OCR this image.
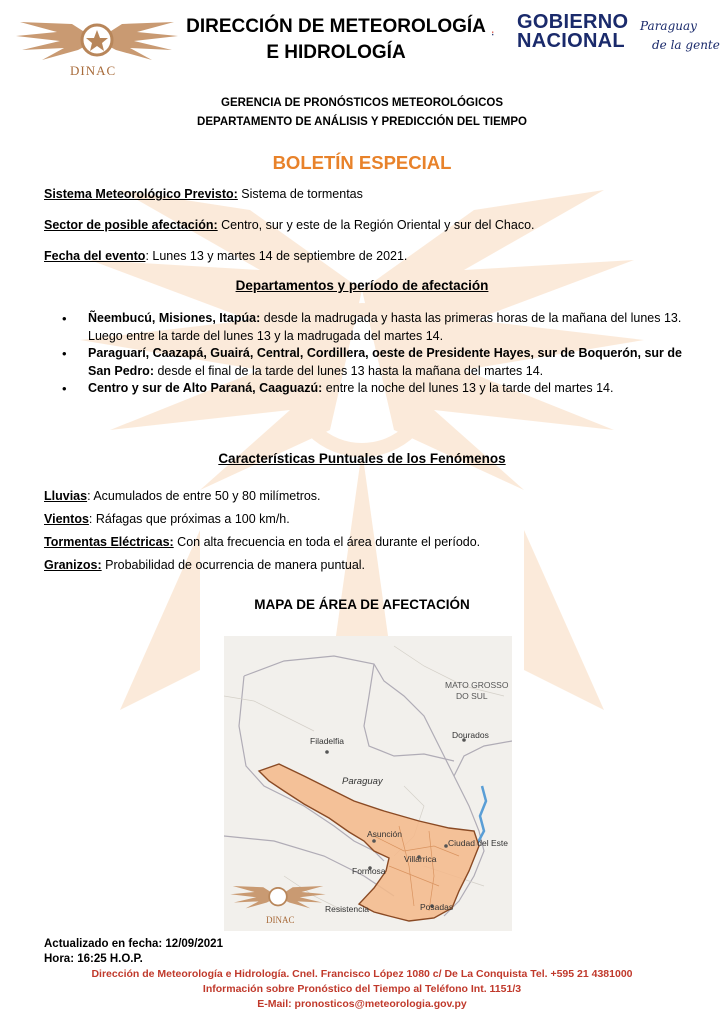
DINAC
DIRECCIÓN DE METEOROLOGÍA
E HIDROLOGÍA
GOBIERNO
NACIONAL
Paraguay
de la gente
GERENCIA DE PRONÓSTICOS METEOROLÓGICOS
DEPARTAMENTO DE ANÁLISIS Y PREDICCIÓN DEL TIEMPO
BOLETÍN ESPECIAL
Sistema Meteorológico Previsto: Sistema de tormentas
Sector de posible afectación: Centro, sur y este de la Región Oriental y sur del Chaco.
Fecha del evento: Lunes 13 y martes 14 de septiembre de 2021.
Departamentos y período de afectación
• Ñeembucú, Misiones, Itapúa: desde la madrugada y hasta las primeras horas de la mañana del lunes 13. Luego entre la tarde del lunes 13 y la madrugada del martes 14.
• Paraguarí, Caazapá, Guairá, Central, Cordillera, oeste de Presidente Hayes, sur de Boquerón, sur de San Pedro: desde el final de la tarde del lunes 13 hasta la mañana del martes 14.
• Centro y sur de Alto Paraná, Caaguazú: entre la noche del lunes 13 y la tarde del martes 14.
Características Puntuales de los Fenómenos
Lluvias: Acumulados de entre 50 y 80 milímetros.
Vientos: Ráfagas que próximas a 100 km/h.
Tormentas Eléctricas: Con alta frecuencia en toda el área durante el período.
Granizos: Probabilidad de ocurrencia de manera puntual.
MAPA DE ÁREA DE AFECTACIÓN
MATO GROSSO
DO SUL
Filadelfia
Dourados
Paraguay
Asunción
Ciudad del Este
Villarrica
Formosa
Resistencia	Posadas
DINAC
Actualizado en fecha: 12/09/2021
Hora: 16:25 H.O.P.
Dirección de Meteorología e Hidrología. Cnel. Francisco López 1080 c/ De La Conquista Tel. +595 21 4381000
Información sobre Pronóstico del Tiempo al Teléfono Int. 1151/3
E-Mail: pronosticos@meteorologia.gov.py
